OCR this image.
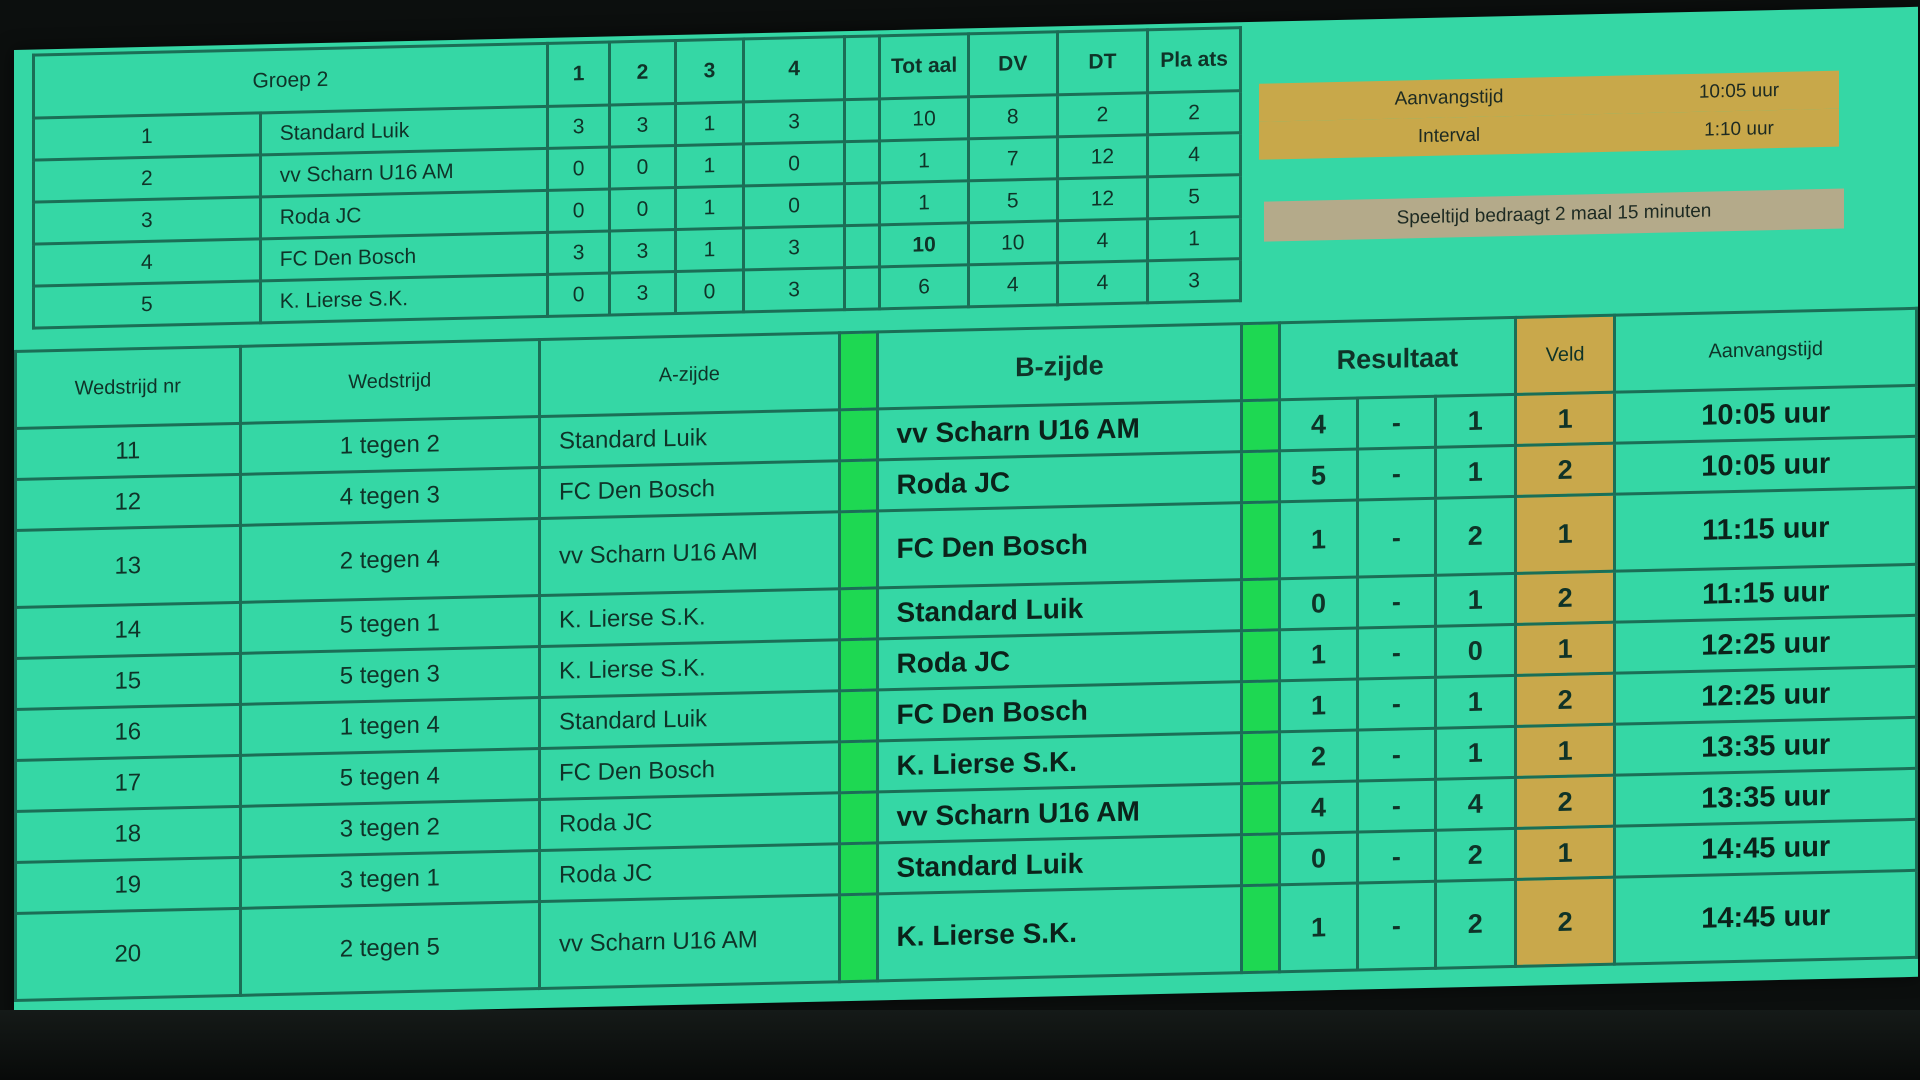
Groep 2		1	2	3	4		Tot aal	DV	DT	Pla ats
1	Standard Luik	3	3	1	3		10	8	2	2
2	vv Scharn U16 AM	0	0	1	0		1	7	12	4
3	Roda JC	0	0	1	0		1	5	12	5
4	FC Den Bosch	3	3	1	3		10	10	4	1
5	K. Lierse S.K.	0	3	0	3		6	4	4	3
Aanvangstijd	10:05 uur
Interval	1:10 uur
Speeltijd bedraagt 2 maal 15 minuten
Wedstrijd nr	Wedstrijd	A-zijde		B-zijde		Resultaat			Veld	Aanvangstijd
11	1 tegen 2	Standard Luik		vv Scharn U16 AM		4	-	1	1	10:05 uur
12	4 tegen 3	FC Den Bosch		Roda JC		5	-	1	2	10:05 uur
13	2 tegen 4	vv Scharn U16 AM		FC Den Bosch		1	-	2	1	11:15 uur
14	5 tegen 1	K. Lierse S.K.		Standard Luik		0	-	1	2	11:15 uur
15	5 tegen 3	K. Lierse S.K.		Roda JC		1	-	0	1	12:25 uur
16	1 tegen 4	Standard Luik		FC Den Bosch		1	-	1	2	12:25 uur
17	5 tegen 4	FC Den Bosch		K. Lierse S.K.		2	-	1	1	13:35 uur
18	3 tegen 2	Roda JC		vv Scharn U16 AM		4	-	4	2	13:35 uur
19	3 tegen 1	Roda JC		Standard Luik		0	-	2	1	14:45 uur
20	2 tegen 5	vv Scharn U16 AM		K. Lierse S.K.		1	-	2	2	14:45 uur
